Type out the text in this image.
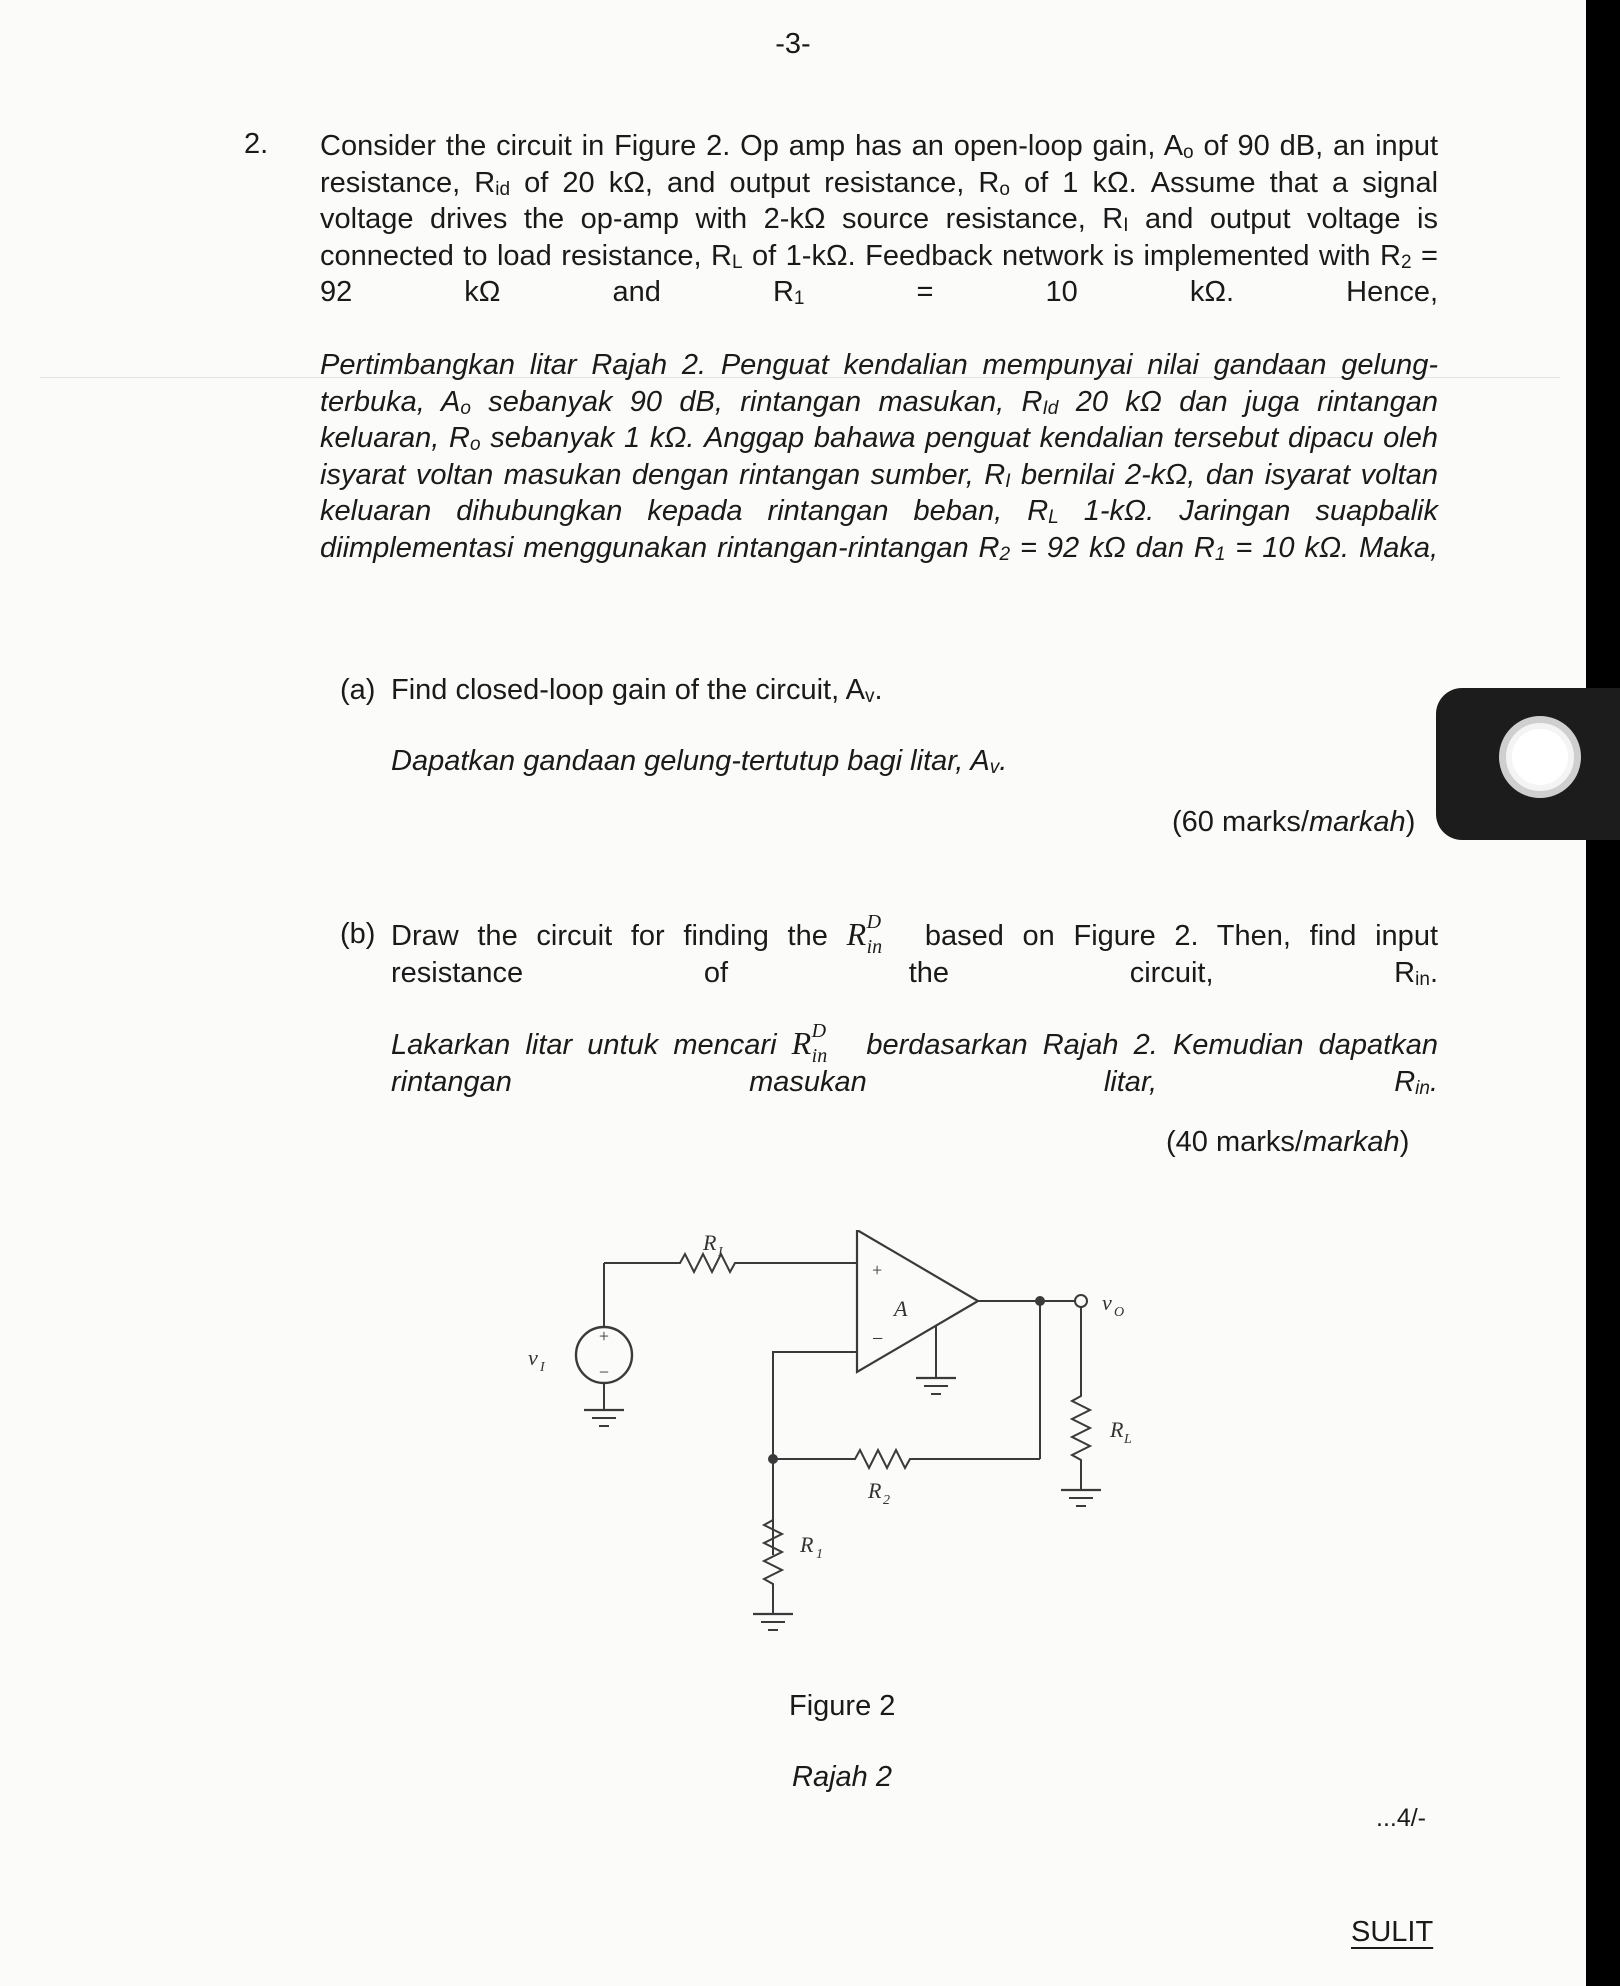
-3-
2. Consider the circuit in Figure 2. Op amp has an open-loop gain, $A_o$ of 90 dB, an input resistance, $R_{id}$ of 20 kΩ, and output resistance, $R_o$ of 1 kΩ. Assume that a signal voltage drives the op-amp with 2-kΩ source resistance, $R_I$ and output voltage is connected to load resistance, $R_L$ of 1-kΩ. Feedback network is implemented with $R_2 = 92$ kΩ and $R_1 = 10$ kΩ. Hence,
Pertimbangkan litar Rajah 2. Penguat kendalian mempunyai nilai gandaan gelung-terbuka, $A_o$ sebanyak 90 dB, rintangan masukan, $R_{Id}$ 20 kΩ dan juga rintangan keluaran, $R_o$ sebanyak 1 kΩ. Anggap bahawa penguat kendalian tersebut dipacu oleh isyarat voltan masukan dengan rintangan sumber, $R_I$ bernilai 2-kΩ, dan isyarat voltan keluaran dihubungkan kepada rintangan beban, $R_L$ 1-kΩ. Jaringan suapbalik diimplementasi menggunakan rintangan-rintangan $R_2 = 92$ kΩ dan $R_1 = 10$ kΩ. Maka,
(a) Find closed-loop gain of the circuit, $A_v$.
Dapatkan gandaan gelung-tertutup bagi litar, $A_v$.
(60 marks/markah)
(b) Draw the circuit for finding the R D
in based on Figure 2. Then, find input resistance of the circuit, $R_{in}$.
Lakarkan litar untuk mencari R D
in berdasarkan Rajah 2. Kemudian dapatkan rintangan masukan litar, $R_{in}$.
(40 marks/markah)
+
−
v I
R I
+
−
A	v O
R L
R 2
R 1
Figure 2
Rajah 2
...4/-
SULIT
